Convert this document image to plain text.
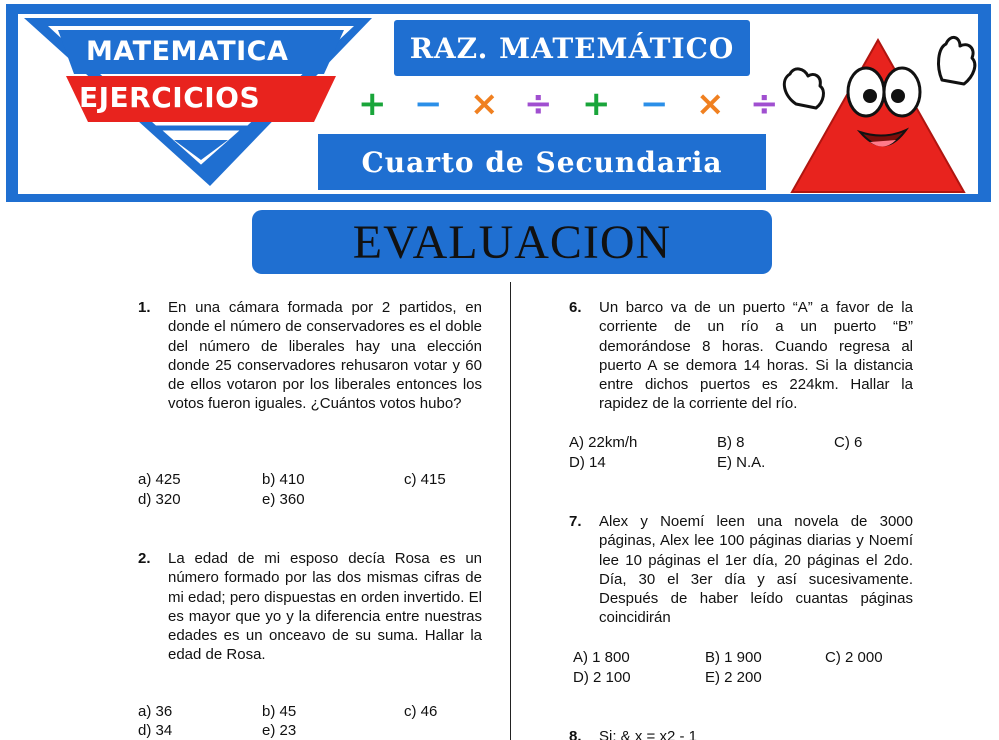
MATEMATICA
EJERCICIOS
RAZ. MATEMÁTICO
+ − × ÷ + − × ÷
Cuarto de Secundaria
EVALUACION
1. En una cámara formada por 2 partidos, en donde el número de conservadores es el doble del número de liberales hay una elección donde 25 conservadores rehusaron votar y 60 de ellos votaron por los liberales entonces los votos fueron iguales. ¿Cuántos votos hubo?
a) 425	b) 410	c) 415
d) 320	e) 360
2. La edad de mi esposo decía Rosa es un número formado por las dos mismas cifras de mi edad; pero dispuestas en orden invertido. El es mayor que yo y la diferencia entre nuestras edades es un onceavo de su suma. Hallar la edad de Rosa.
a) 36	b) 45	c) 46
d) 34	e) 23
6. Un barco va de un puerto “A” a favor de la corriente de un río a un puerto “B” demorándose 8 horas. Cuando regresa al puerto A se demora 14 horas. Si la distancia entre dichos puertos es 224km. Hallar la rapidez de la corriente del río.
A) 22km/h	B) 8	C) 6
D) 14	E) N.A.
7. Alex y Noemí leen una novela de 3000 páginas, Alex lee 100 páginas diarias y Noemí lee 10 páginas el 1er día, 20 páginas el 2do. Día, 30 el 3er día y así sucesivamente. Después de haber leído cuantas páginas coincidirán
A) 1 800	B) 1 900	C) 2 000
D) 2 100	E) 2 200
8. Si: & x = x2 - 1
